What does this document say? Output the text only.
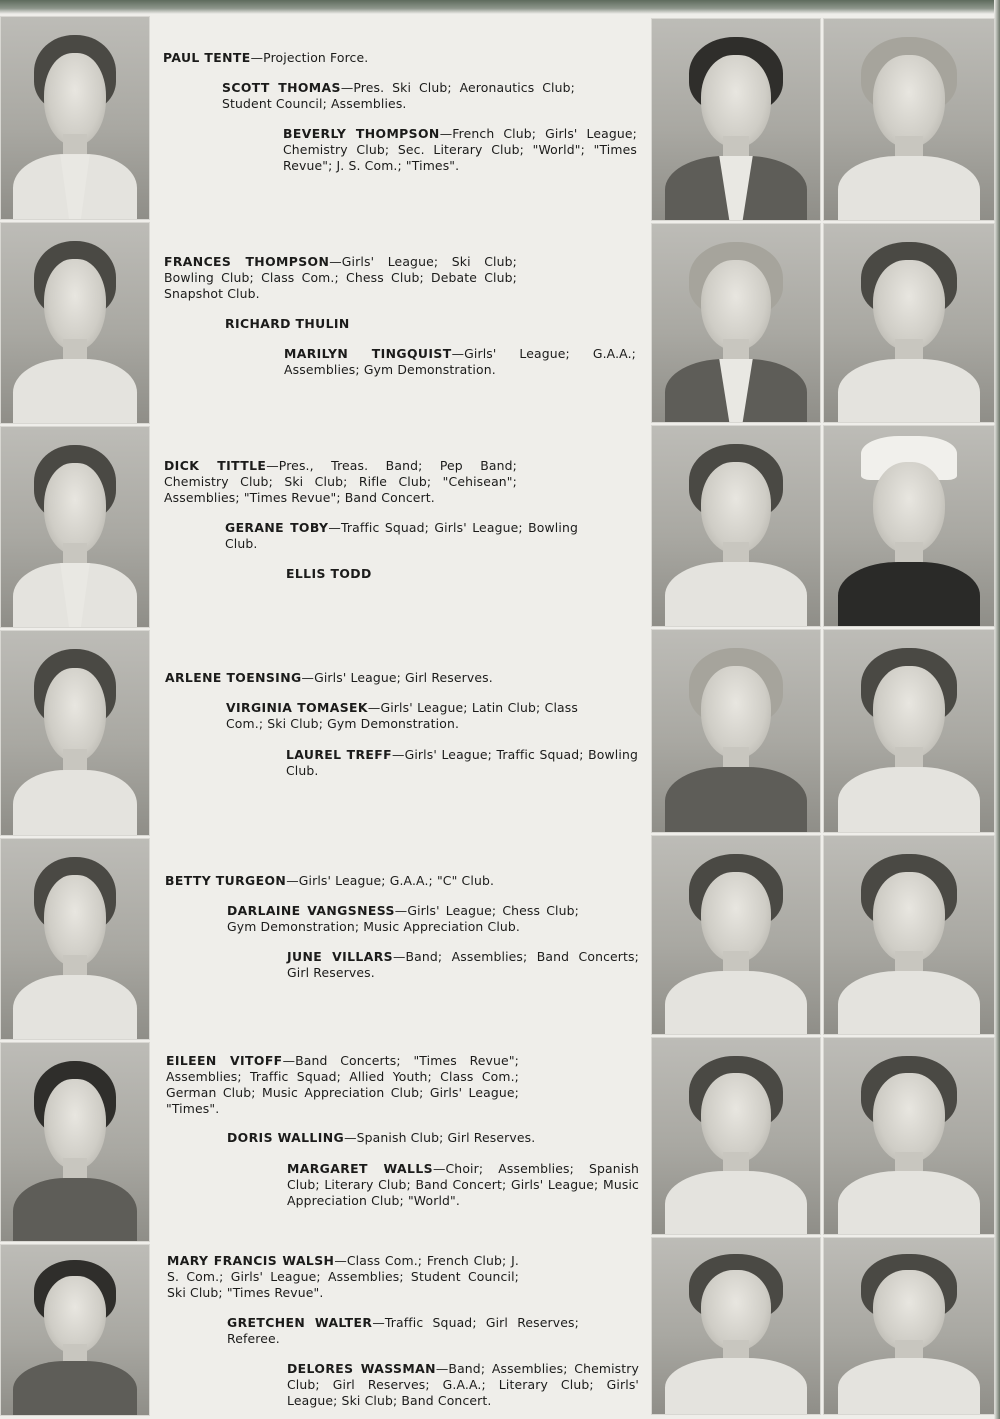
PAUL TENTE—Projection Force.
SCOTT THOMAS—Pres. Ski Club; Aeronautics Club; Student Council; Assemblies.
BEVERLY THOMPSON—French Club; Girls' League; Chemistry Club; Sec. Literary Club; "World"; "Times Revue"; J. S. Com.; "Times".
FRANCES THOMPSON—Girls' League; Ski Club; Bowling Club; Class Com.; Chess Club; Debate Club; Snapshot Club.
RICHARD THULIN
MARILYN TINGQUIST—Girls' League; G.A.A.; Assemblies; Gym Demonstration.
DICK TITTLE—Pres., Treas. Band; Pep Band; Chemistry Club; Ski Club; Rifle Club; "Cehisean"; Assemblies; "Times Revue"; Band Concert.
GERANE TOBY—Traffic Squad; Girls' League; Bowling Club.
ELLIS TODD
ARLENE TOENSING—Girls' League; Girl Reserves.
VIRGINIA TOMASEK—Girls' League; Latin Club; Class Com.; Ski Club; Gym Demonstration.
LAUREL TREFF—Girls' League; Traffic Squad; Bowling Club.
BETTY TURGEON—Girls' League; G.A.A.; "C" Club.
DARLAINE VANGSNESS—Girls' League; Chess Club; Gym Demonstration; Music Appreciation Club.
JUNE VILLARS—Band; Assemblies; Band Concerts; Girl Reserves.
EILEEN VITOFF—Band Concerts; "Times Revue"; Assemblies; Traffic Squad; Allied Youth; Class Com.; German Club; Music Appreciation Club; Girls' League; "Times".
DORIS WALLING—Spanish Club; Girl Reserves.
MARGARET WALLS—Choir; Assemblies; Spanish Club; Literary Club; Band Concert; Girls' League; Music Appreciation Club; "World".
MARY FRANCIS WALSH—Class Com.; French Club; J. S. Com.; Girls' League; Assemblies; Student Council; Ski Club; "Times Revue".
GRETCHEN WALTER—Traffic Squad; Girl Reserves; Referee.
DELORES WASSMAN—Band; Assemblies; Chemistry Club; Girl Reserves; G.A.A.; Literary Club; Girls' League; Ski Club; Band Concert.
